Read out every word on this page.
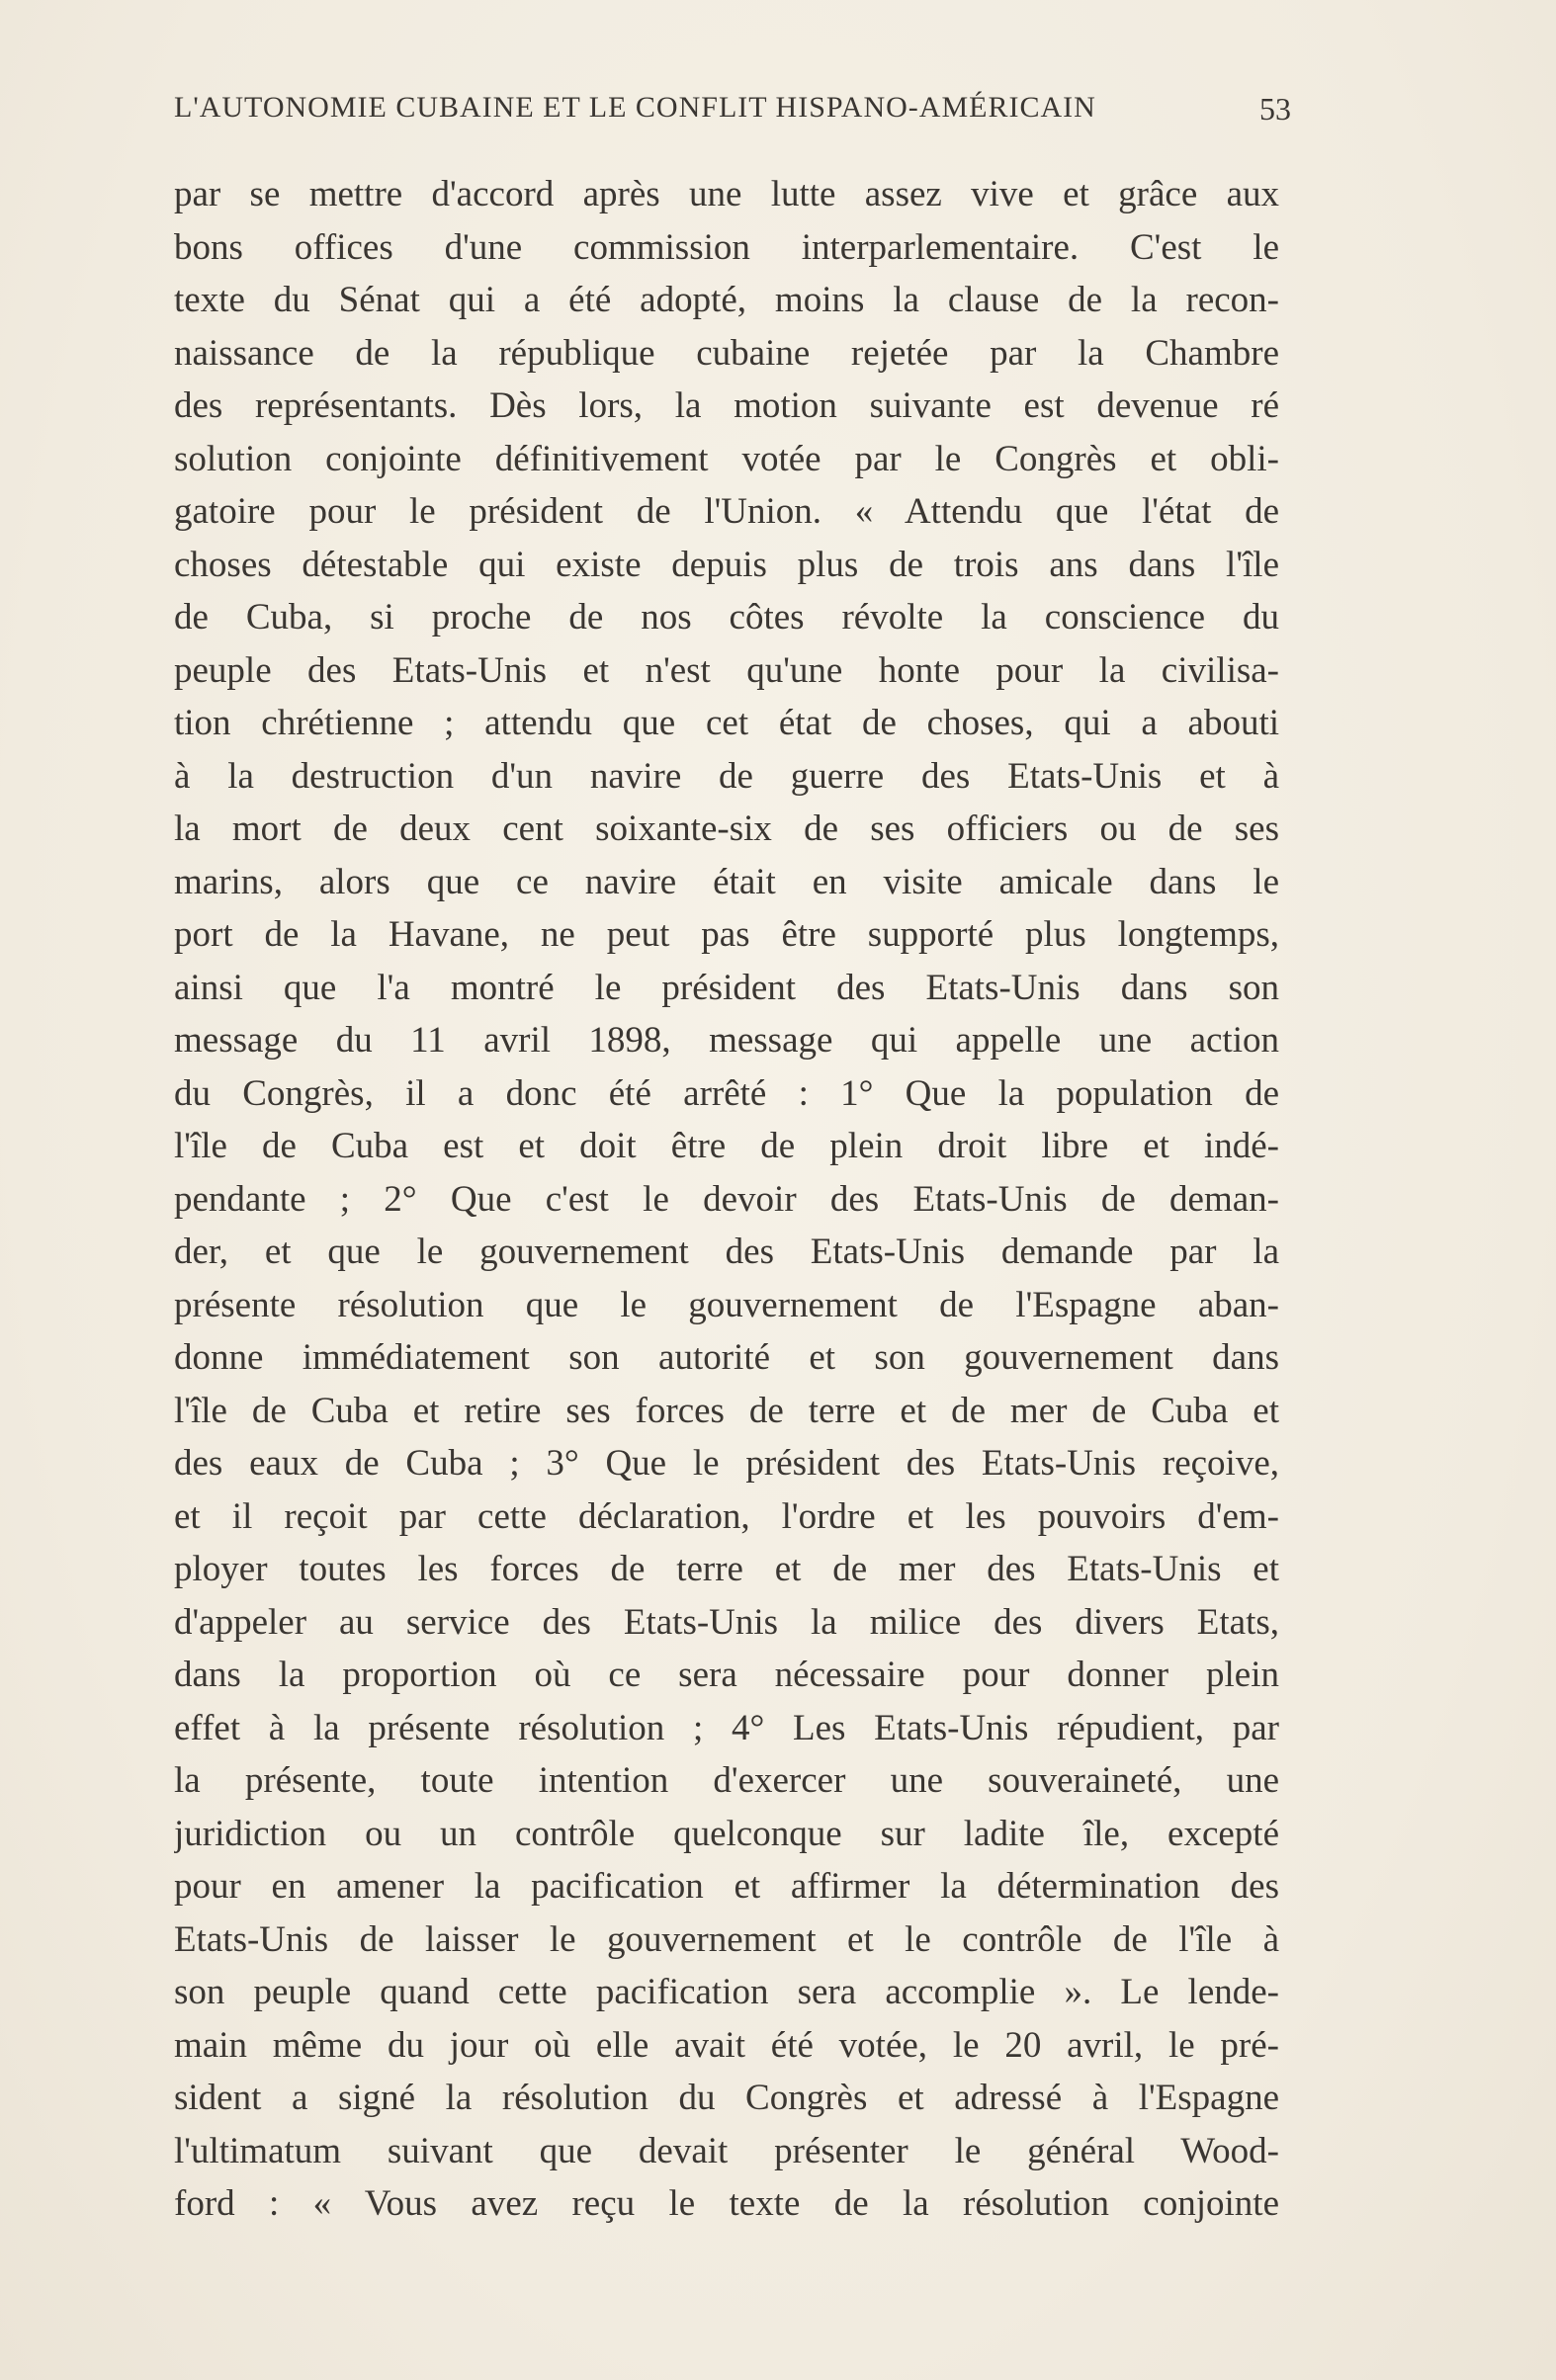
L'AUTONOMIE CUBAINE ET LE CONFLIT HISPANO-AMÉRICAIN	53
par se mettre d'accord après une lutte assez vive et grâce aux
bons offices d'une commission interparlementaire. C'est le
texte du Sénat qui a été adopté, moins la clause de la recon-
naissance de la république cubaine rejetée par la Chambre
des représentants. Dès lors, la motion suivante est devenue ré
solution conjointe définitivement votée par le Congrès et obli-
gatoire pour le président de l'Union. « Attendu que l'état de
choses détestable qui existe depuis plus de trois ans dans l'île
de Cuba, si proche de nos côtes révolte la conscience du
peuple des Etats-Unis et n'est qu'une honte pour la civilisa-
tion chrétienne ; attendu que cet état de choses, qui a abouti
à la destruction d'un navire de guerre des Etats-Unis et à
la mort de deux cent soixante-six de ses officiers ou de ses
marins, alors que ce navire était en visite amicale dans le
port de la Havane, ne peut pas être supporté plus longtemps,
ainsi que l'a montré le président des Etats-Unis dans son
message du 11 avril 1898, message qui appelle une action
du Congrès, il a donc été arrêté : 1° Que la population de
l'île de Cuba est et doit être de plein droit libre et indé-
pendante ; 2° Que c'est le devoir des Etats-Unis de deman-
der, et que le gouvernement des Etats-Unis demande par la
présente résolution que le gouvernement de l'Espagne aban-
donne immédiatement son autorité et son gouvernement dans
l'île de Cuba et retire ses forces de terre et de mer de Cuba et
des eaux de Cuba ; 3° Que le président des Etats-Unis reçoive,
et il reçoit par cette déclaration, l'ordre et les pouvoirs d'em-
ployer toutes les forces de terre et de mer des Etats-Unis et
d'appeler au service des Etats-Unis la milice des divers Etats,
dans la proportion où ce sera nécessaire pour donner plein
effet à la présente résolution ; 4° Les Etats-Unis répudient, par
la présente, toute intention d'exercer une souveraineté, une
juridiction ou un contrôle quelconque sur ladite île, excepté
pour en amener la pacification et affirmer la détermination des
Etats-Unis de laisser le gouvernement et le contrôle de l'île à
son peuple quand cette pacification sera accomplie ». Le lende-
main même du jour où elle avait été votée, le 20 avril, le pré-
sident a signé la résolution du Congrès et adressé à l'Espagne
l'ultimatum suivant que devait présenter le général Wood-
ford : « Vous avez reçu le texte de la résolution conjointe
